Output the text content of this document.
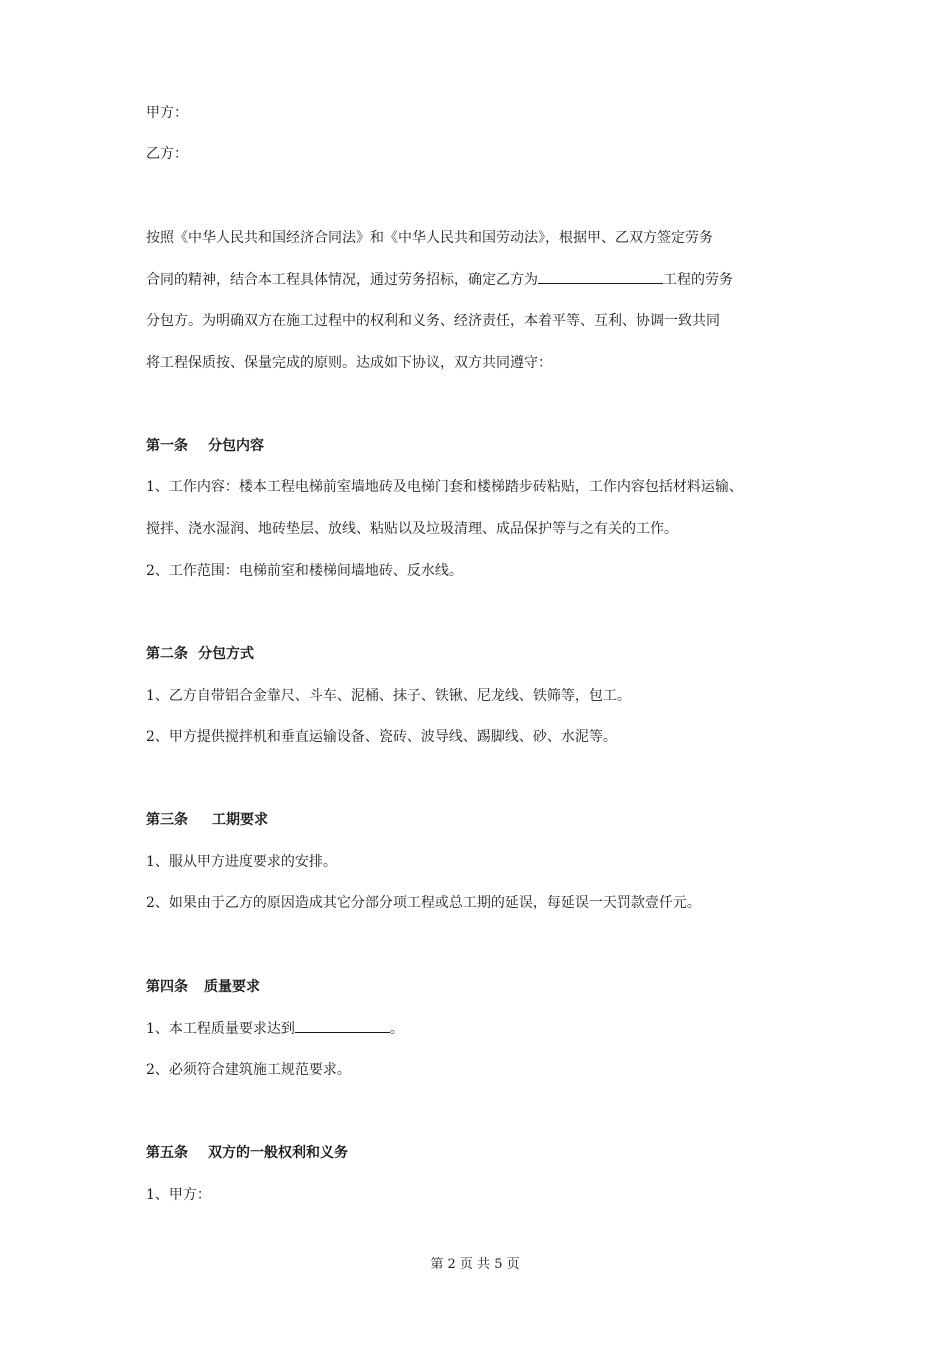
甲方：
乙方：
按照《中华人民共和国经济合同法》和《中华人民共和国劳动法》，根据甲、乙双方签定劳务
合同的精神，结合本工程具体情况，通过劳务招标，确定乙方为	工程的劳务
分包方。为明确双方在施工过程中的权利和义务、经济责任，本着平等、互利、协调一致共同
将工程保质按、保量完成的原则。达成如下协议，双方共同遵守：
第一条 分包内容
1、工作内容：楼本工程电梯前室墙地砖及电梯门套和楼梯踏步砖粘贴，工作内容包括材料运输、
搅拌、浇水湿润、地砖垫层、放线、粘贴以及垃圾清理、成品保护等与之有关的工作。
2、工作范围：电梯前室和楼梯间墙地砖、反水线。
第二条 分包方式
1、乙方自带铝合金靠尺、斗车、泥桶、抹子、铁锹、尼龙线、铁筛等，包工。
2、甲方提供搅拌机和垂直运输设备、瓷砖、波导线、踢脚线、砂、水泥等。
第三条 工期要求
1、服从甲方进度要求的安排。
2、如果由于乙方的原因造成其它分部分项工程或总工期的延误，每延误一天罚款壹仟元。
第四条 质量要求
1、本工程质量要求达到	。
2、必须符合建筑施工规范要求。
第五条 双方的一般权利和义务
1、甲方：
第 2 页 共 5 页
